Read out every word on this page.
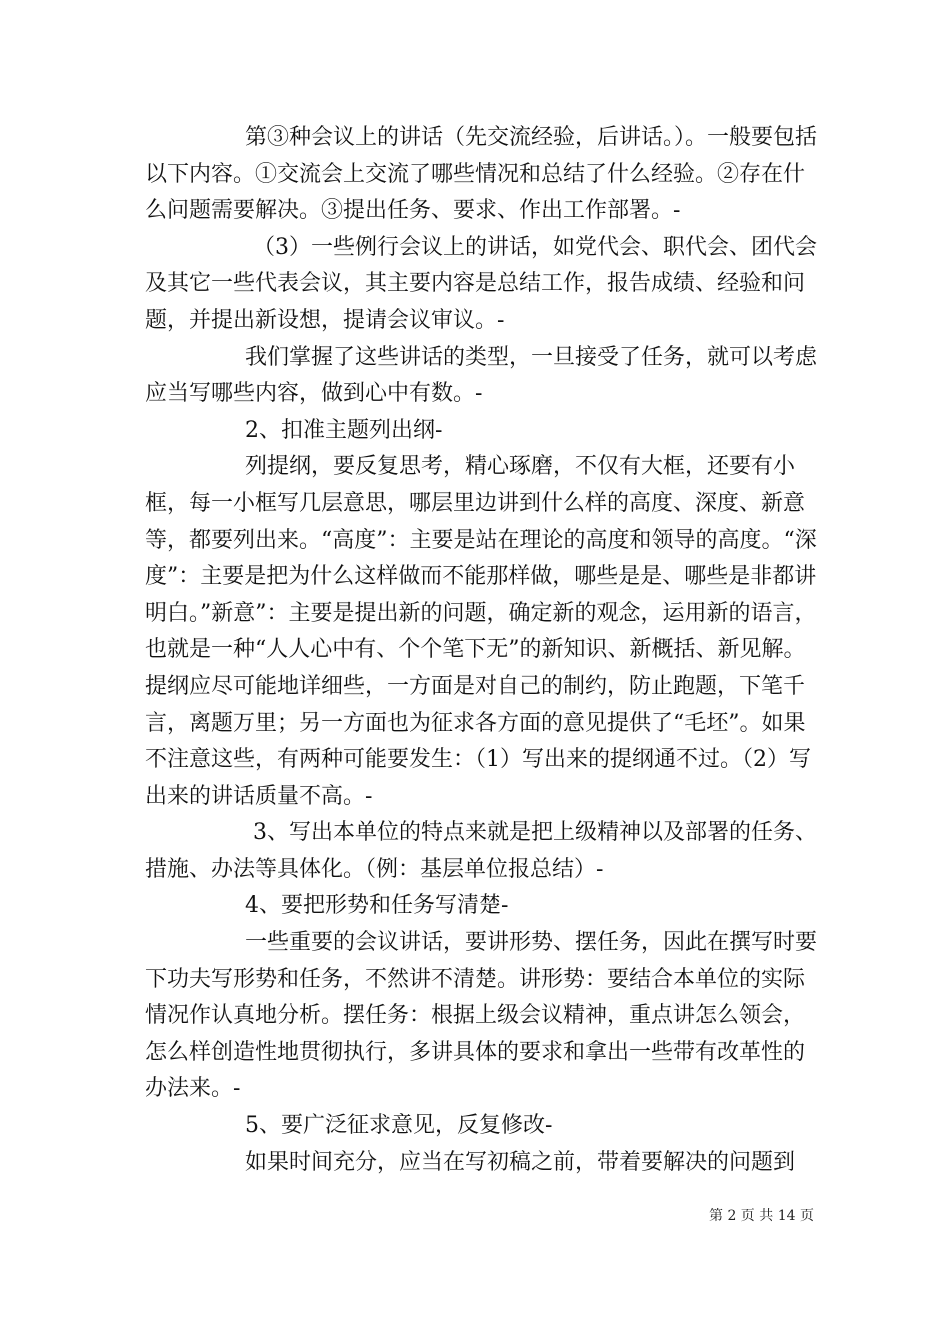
第③种会议上的讲话（先交流经验，后讲话。）。一般要包括以下内容。①交流会上交流了哪些情况和总结了什么经验。②存在什么问题需要解决。③提出任务、要求、作出工作部署。-

（3）一些例行会议上的讲话，如党代会、职代会、团代会及其它一些代表会议，其主要内容是总结工作，报告成绩、经验和问题，并提出新设想，提请会议审议。-

我们掌握了这些讲话的类型，一旦接受了任务，就可以考虑应当写哪些内容，做到心中有数。-

2、扣准主题列出纲-

列提纲，要反复思考，精心琢磨，不仅有大框，还要有小框，每一小框写几层意思，哪层里边讲到什么样的高度、深度、新意等，都要列出来。“高度”：主要是站在理论的高度和领导的高度。“深度”：主要是把为什么这样做而不能那样做，哪些是是、哪些是非都讲明白。”新意”：主要是提出新的问题，确定新的观念，运用新的语言，也就是一种“人人心中有、个个笔下无”的新知识、新概括、新见解。提纲应尽可能地详细些，一方面是对自己的制约，防止跑题，下笔千言，离题万里；另一方面也为征求各方面的意见提供了“毛坯”。如果不注意这些，有两种可能要发生：（1）写出来的提纲通不过。（2）写出来的讲话质量不高。-

3、写出本单位的特点来就是把上级精神以及部署的任务、措施、办法等具体化。（例：基层单位报总结）-

4、要把形势和任务写清楚-

一些重要的会议讲话，要讲形势、摆任务，因此在撰写时要下功夫写形势和任务，不然讲不清楚。讲形势：要结合本单位的实际情况作认真地分析。摆任务：根据上级会议精神，重点讲怎么领会，怎么样创造性地贯彻执行，多讲具体的要求和拿出一些带有改革性的办法来。-

5、要广泛征求意见，反复修改-

如果时间充分，应当在写初稿之前，带着要解决的问题到

第 2 页 共 14 页
